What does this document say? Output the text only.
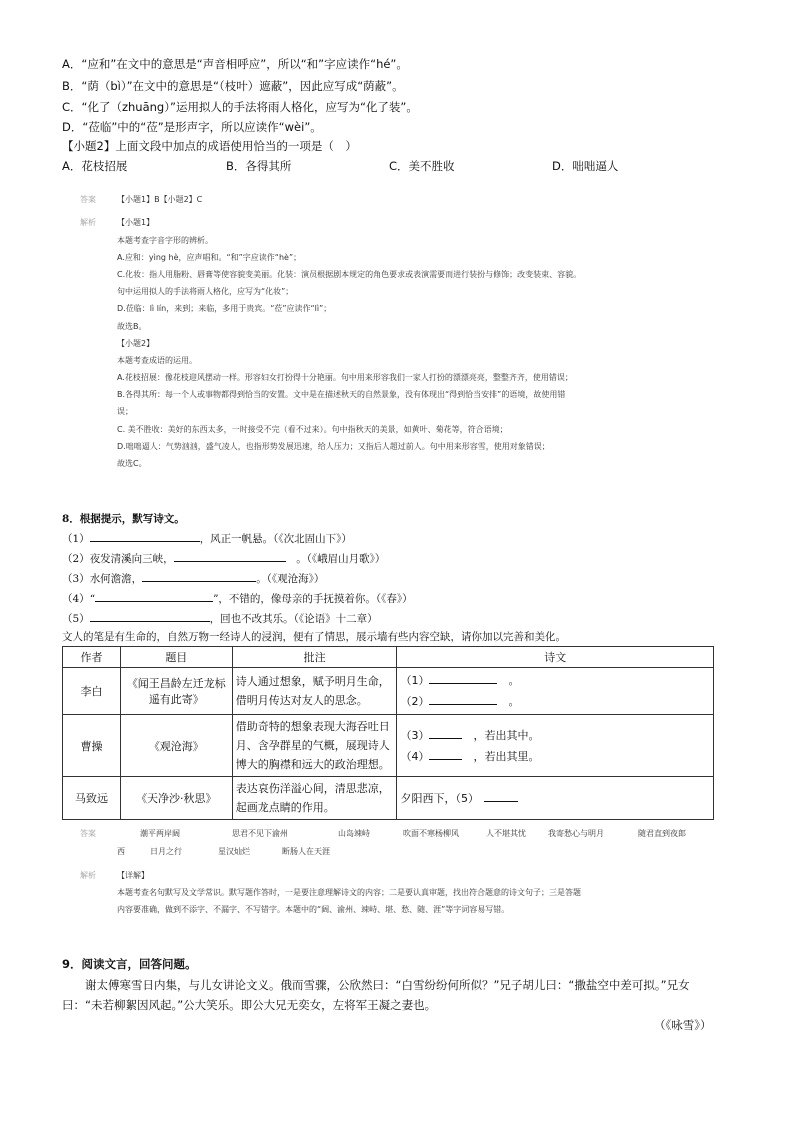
A．“应和”在文中的意思是“声音相呼应”，所以“和”字应读作“hé”。
B．“荫（bì）”在文中的意思是“（枝叶）遮蔽”，因此应写成“荫蔽”。
C．“化了（zhuāng）”运用拟人的手法将雨人格化，应写为“化了装”。
D．“莅临”中的“莅”是形声字，所以应读作“wèi”。
【小题2】上面文段中加点的成语使用恰当的一项是（　）
A．花枝招展	B．各得其所	C．美不胜收	D．咄咄逼人
答案	【小题1】B【小题2】C
解析	【小题1】
本题考查字音字形的辨析。
A.应和：yìng hè，应声唱和。“和”字应读作“hè”；
C.化妆：指人用脂粉、唇膏等使容貌变美丽。化装：演员根据剧本规定的角色要求或表演需要而进行装扮与修饰；改变装束、容貌。
句中运用拟人的手法将雨人格化，应写为“化妆”；
D.莅临：lì lín，来到；来临，多用于贵宾。“莅”应读作“lì”；
故选B。
【小题2】
本题考查成语的运用。
A.花枝招展：像花枝迎风摆动一样。形容妇女打扮得十分艳丽。句中用来形容我们一家人打扮的漂漂亮亮，整整齐齐，使用错误；
B.各得其所：每一个人或事物都得到恰当的安置。文中是在描述秋天的自然景象，没有体现出“得到恰当安排”的语境，故使用错
误；
C. 美不胜收：美好的东西太多，一时接受不完（看不过来）。句中指秋天的美景，如黄叶、菊花等，符合语境；
D.咄咄逼人：气势汹汹，盛气凌人，也指形势发展迅速，给人压力；又指后人超过前人。句中用来形容雪，使用对象错误；
故选C。
8．根据提示，默写诗文。
（1）	，风正一帆悬。（《次北固山下》）
（2）夜发清溪向三峡，　	。（《峨眉山月歌》）
（3）水何澹澹，	。（《观沧海》）
（4）“	”，不错的，像母亲的手抚摸着你。（《春》）
（5）	，回也不改其乐。（《论语》十二章）
文人的笔是有生命的，自然万物一经诗人的浸润，便有了情思，展示墙有些内容空缺，请你加以完善和美化。
作者	题目	批注	诗文
李白	《闻王昌龄左迁龙标遥有此寄》	诗人通过想象，赋予明月生命，借明月传达对友人的思念。	（1）　 。
（2）　 。

曹操	《观沧海》	借助奇特的想象表现大海吞吐日月、含孕群星的气概，展现诗人博大的胸襟和远大的政治理想。	（3）　 ，若出其中。
（4）　 ，若出其里。

马致远	《天净沙·秋思》	表达哀伤洋溢心间，清思悲凉，起画龙点睛的作用。	夕阳西下，（5）　
答案	潮平两岸阔	思君不见下渝州	山岛竦峙	吹面不寒杨柳风	人不堪其忧	我寄愁心与明月	随君直到夜郎
西	日月之行	星汉灿烂	断肠人在天涯
解析	【详解】
本题考查名句默写及文学常识。默写题作答时，一是要注意理解诗文的内容；二是要认真审题，找出符合题意的诗文句子；三是答题
内容要准确，做到不添字、不漏字、不写错字。本题中的“阔、渝州、竦峙、堪、愁、随、涯”等字词容易写错。
9．阅读文言，回答问题。
谢太傅寒雪日内集，与儿女讲论文义。俄而雪骤，公欣然曰：“白雪纷纷何所似？”兄子胡儿曰：“撒盐空中差可拟。”兄女
曰：“未若柳絮因风起。”公大笑乐。即公大兄无奕女，左将军王凝之妻也。
（《咏雪》）
